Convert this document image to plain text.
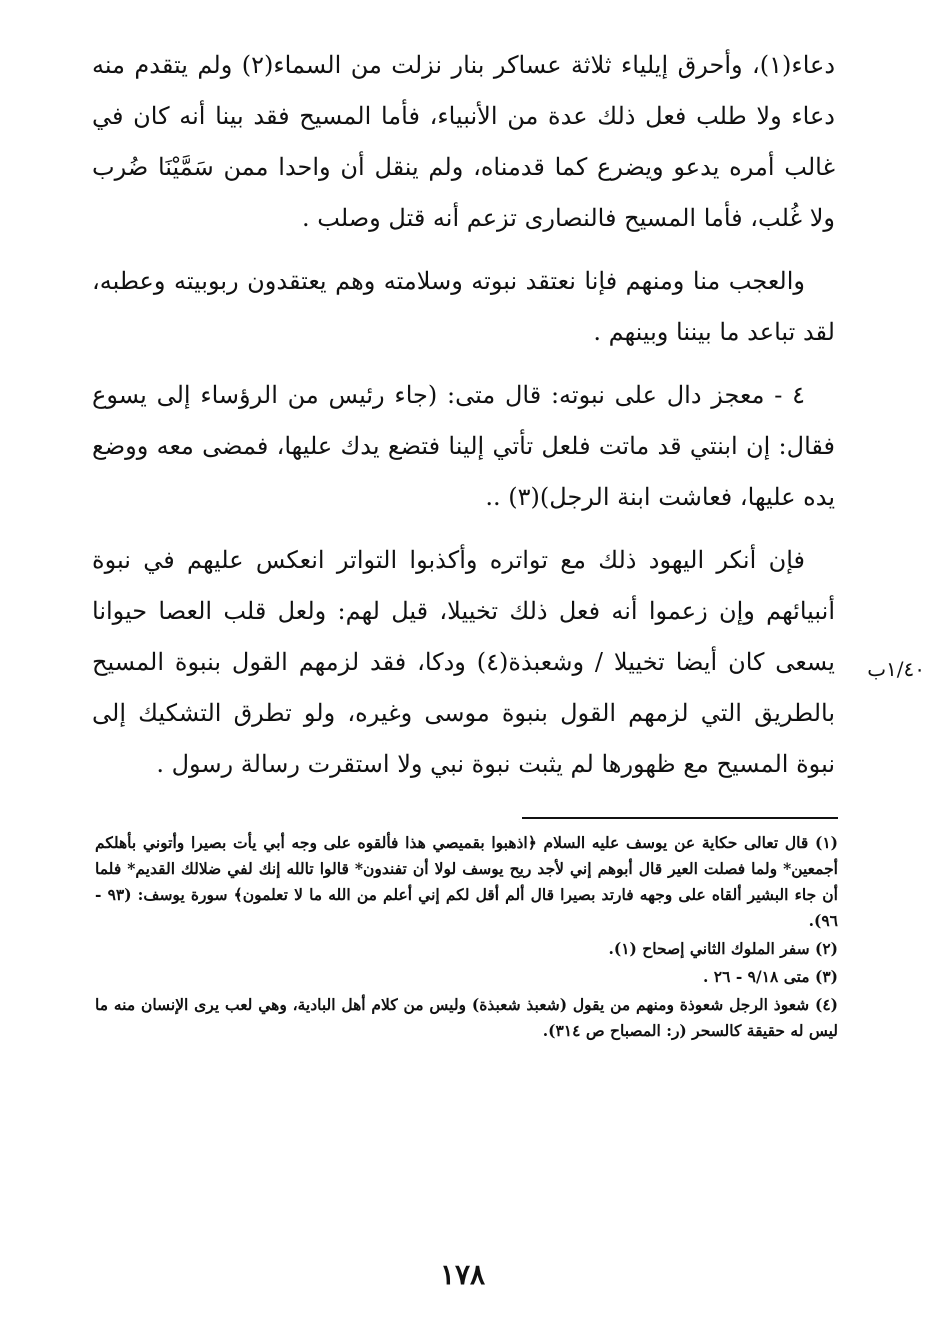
دعاء(١)، وأحرق إيلياء ثلاثة عساكر بنار نزلت من السماء(٢) ولم يتقدم منه دعاء ولا طلب فعل ذلك عدة من الأنبياء، فأما المسيح فقد بينا أنه كان في غالب أمره يدعو ويضرع كما قدمناه، ولم ينقل أن واحدا ممن سَمَّيْنَا ضُرب ولا غُلب، فأما المسيح فالنصارى تزعم أنه قتل وصلب .

والعجب منا ومنهم فإنا نعتقد نبوته وسلامته وهم يعتقدون ربوبيته وعطبه، لقد تباعد ما بيننا وبينهم .

٤ - معجز دال على نبوته: قال متى: (جاء رئيس من الرؤساء إلى يسوع فقال: إن ابنتي قد ماتت فلعل تأتي إلينا فتضع يدك عليها، فمضى معه ووضع يده عليها، فعاشت ابنة الرجل)(٣) ..

فإن أنكر اليهود ذلك مع تواتره وأكذبوا التواتر انعكس عليهم في نبوة أنبيائهم وإن زعموا أنه فعل ذلك تخييلا، قيل لهم: ولعل قلب العصا حيوانا يسعى كان أيضا تخييلا / وشعبذة(٤) ودكا، فقد لزمهم القول بنبوة المسيح بالطريق التي لزمهم القول بنبوة موسى وغيره، ولو تطرق التشكيك إلى نبوة المسيح مع ظهورها لم يثبت نبوة نبي ولا استقرت رسالة رسول .

١/٤٠ب

(١) قال تعالى حكاية عن يوسف عليه السلام ﴿اذهبوا بقميصي هذا فألقوه على وجه أبي يأت بصيرا وأتوني بأهلكم أجمعين* ولما فصلت العير قال أبوهم إني لأجد ريح يوسف لولا أن تفندون* قالوا تالله إنك لفي ضلالك القديم* فلما أن جاء البشير ألقاه على وجهه فارتد بصيرا قال ألم أقل لكم إني أعلم من الله ما لا تعلمون﴾ سورة يوسف: (٩٣ - ٩٦).

(٢) سفر الملوك الثاني إصحاح (١).

(٣) متى ٩/١٨ - ٢٦ .

(٤) شعوذ الرجل شعوذة ومنهم من يقول (شعبذ شعبذة) وليس من كلام أهل البادية، وهي لعب يرى الإنسان منه ما ليس له حقيقة كالسحر (ر: المصباح ص ٣١٤).

١٧٨
